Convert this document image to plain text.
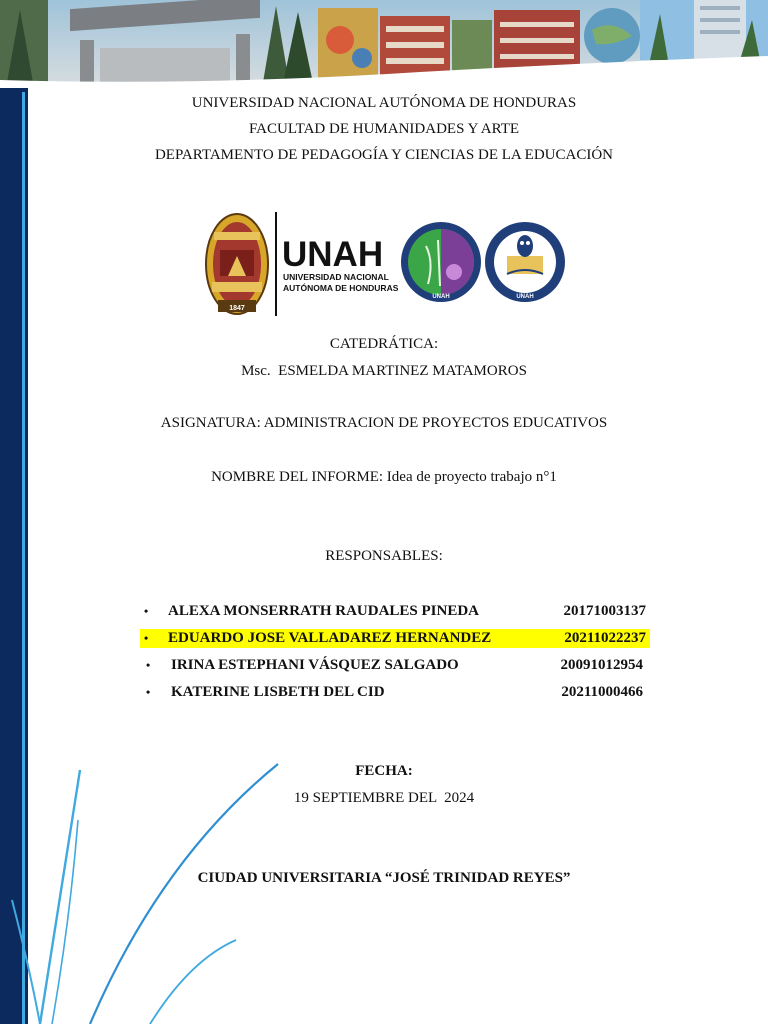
UNIVERSIDAD NACIONAL AUTÓNOMA DE HONDURAS
FACULTAD DE HUMANIDADES Y ARTE
DEPARTAMENTO DE PEDAGOGÍA Y CIENCIAS DE LA EDUCACIÓN
1847
UNAH
UNIVERSIDAD NACIONAL
AUTÓNOMA DE HONDURAS
UNAH	UNAH
CATEDRÁTICA:
Msc.  ESMELDA MARTINEZ MATAMOROS
ASIGNATURA: ADMINISTRACION DE PROYECTOS EDUCATIVOS
NOMBRE DEL INFORME: Idea de proyecto trabajo n°1
RESPONSABLES:
• ALEXA MONSERRATH RAUDALES PINEDA	20171003137
• EDUARDO JOSE VALLADAREZ HERNANDEZ	20211022237
• IRINA ESTEPHANI VÁSQUEZ SALGADO	20091012954
• KATERINE LISBETH DEL CID	20211000466
FECHA:
19 SEPTIEMBRE DEL  2024
CIUDAD UNIVERSITARIA “JOSÉ TRINIDAD REYES”
